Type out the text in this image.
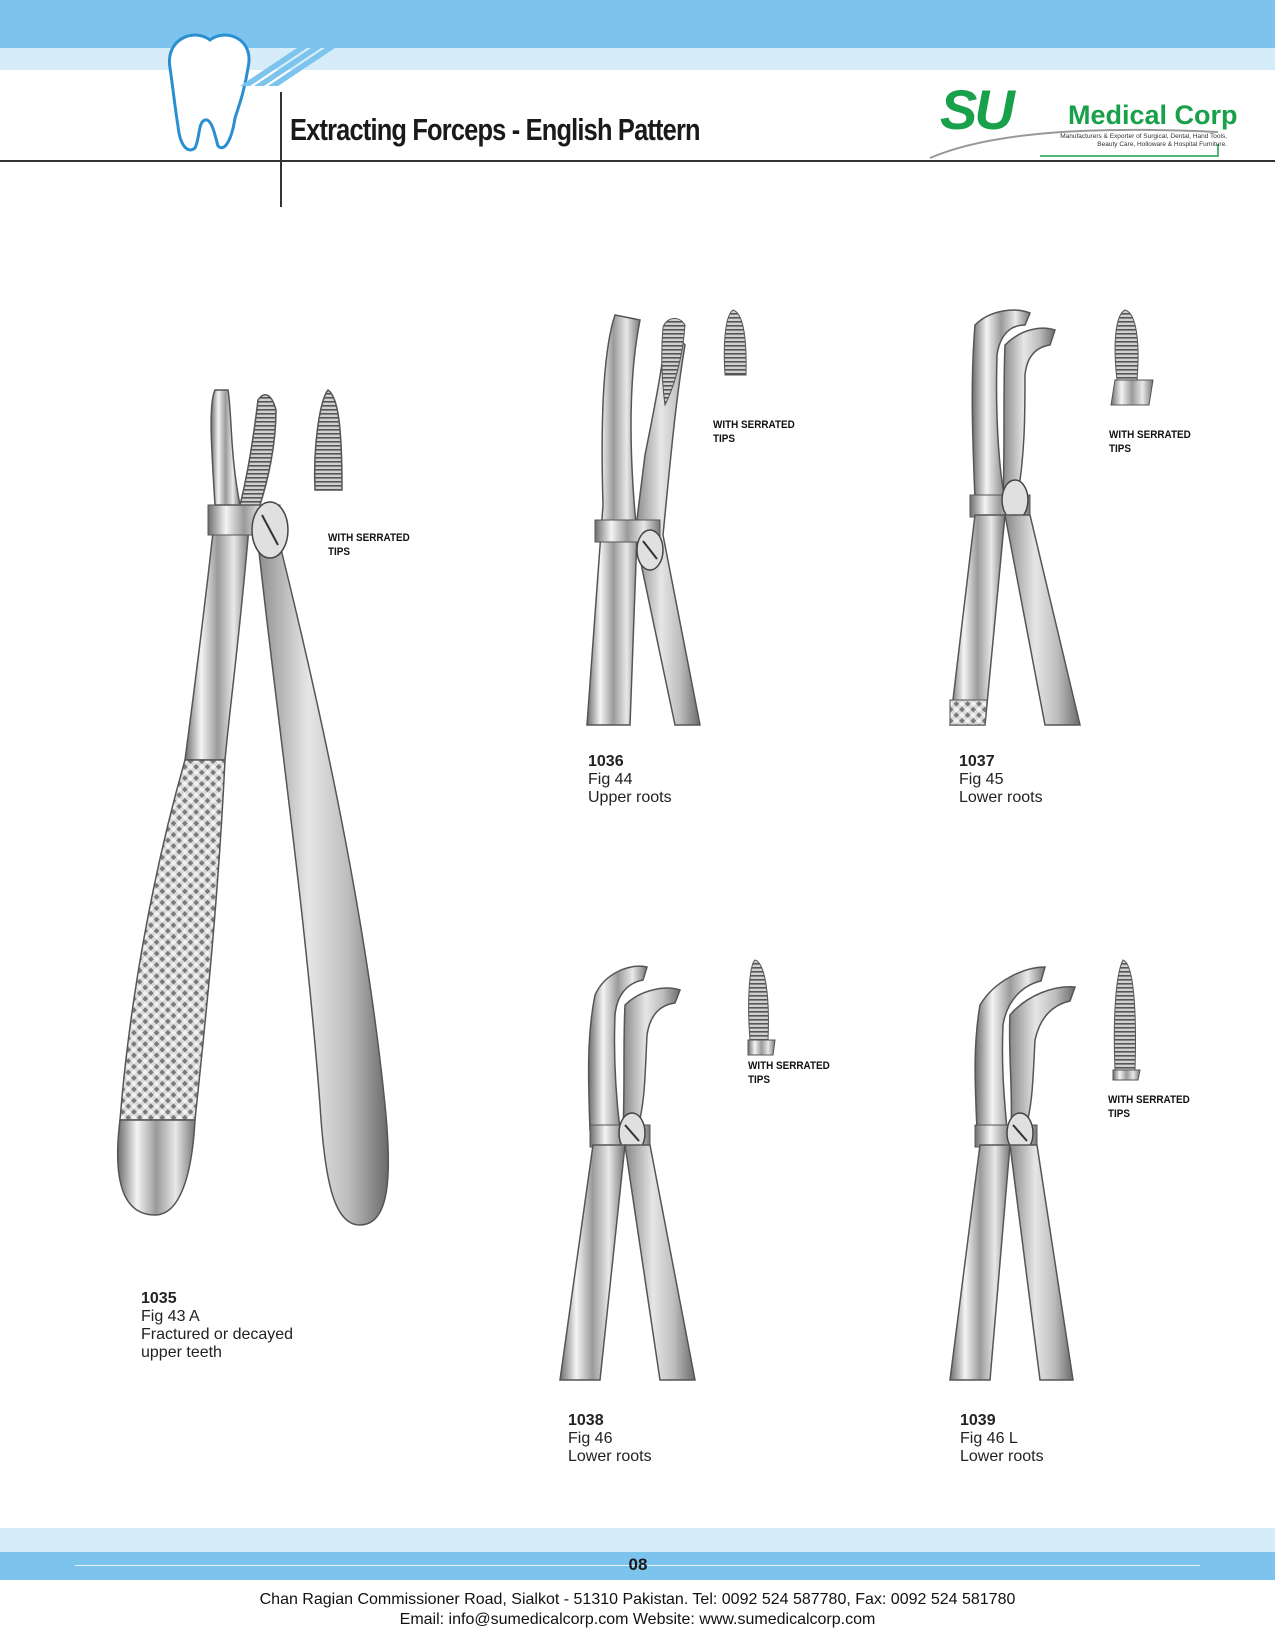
Extracting Forceps - English Pattern	SU Medical Corp
Manufacturers & Exporter of Surgical, Dental, Hand Tools, Beauty Care, Holloware & Hospital Furniture.
WITH SERRATED
TIPS
1035
Fig 43 A
Fractured or decayed
upper teeth
WITH SERRATED
TIPS
1036
Fig 44
Upper roots
WITH SERRATED
TIPS
1037
Fig 45
Lower roots
WITH SERRATED
TIPS
1038
Fig 46
Lower roots
WITH SERRATED
TIPS
1039
Fig 46 L
Lower roots
08
Chan Ragian Commissioner Road, Sialkot - 51310 Pakistan. Tel: 0092 524 587780, Fax: 0092 524 581780
Email: info@sumedicalcorp.com Website: www.sumedicalcorp.com
